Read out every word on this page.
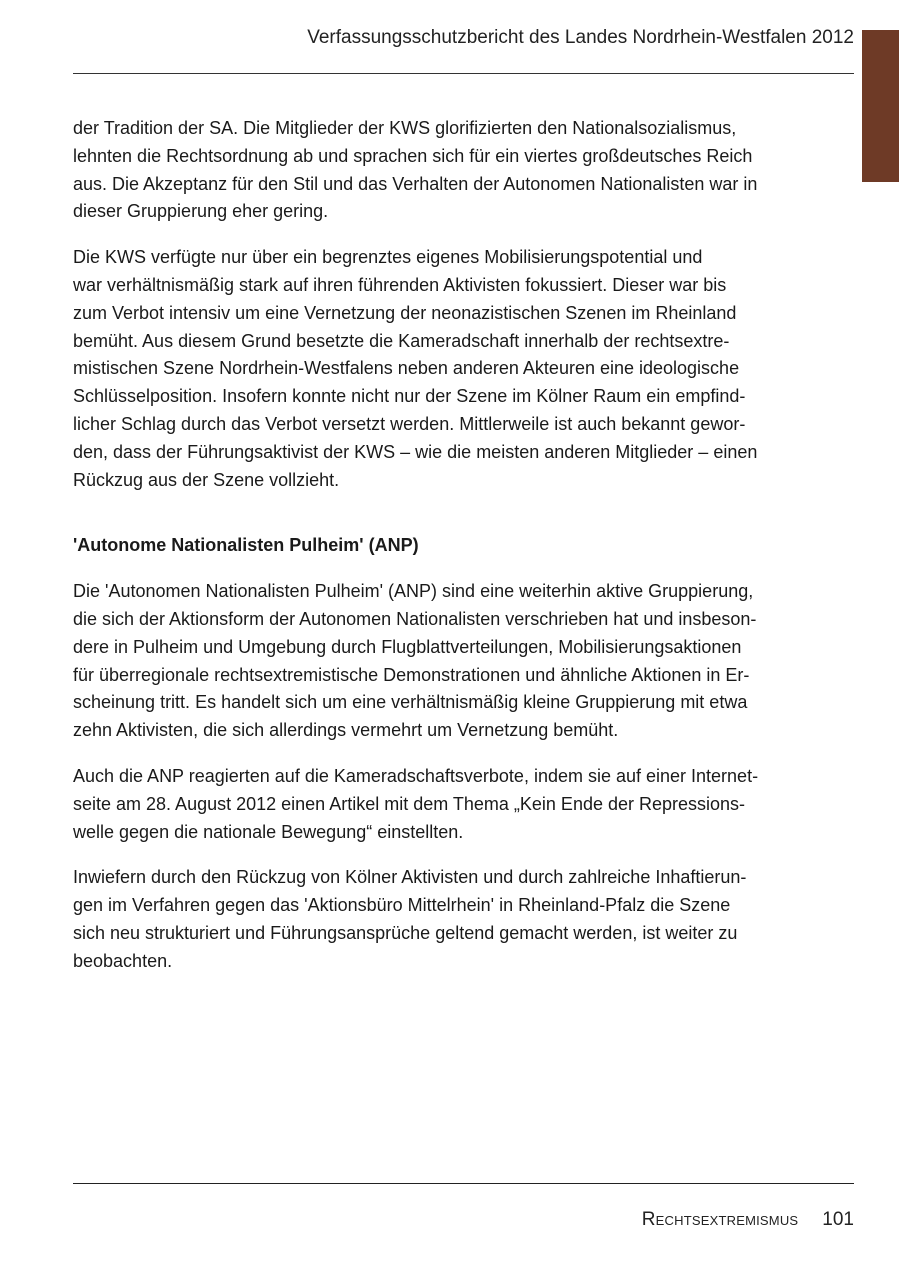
Verfassungsschutzbericht des Landes Nordrhein-Westfalen 2012

der Tradition der SA. Die Mitglieder der KWS glorifizierten den Nationalsozialismus,

lehnten die Rechtsordnung ab und sprachen sich für ein viertes großdeutsches Reich

aus. Die Akzeptanz für den Stil und das Verhalten der Autonomen Nationalisten war in

dieser Gruppierung eher gering.

Die KWS verfügte nur über ein begrenztes eigenes Mobilisierungspotential und

war verhältnismäßig stark auf ihren führenden Aktivisten fokussiert. Dieser war bis

zum Verbot intensiv um eine Vernetzung der neonazistischen Szenen im Rheinland

bemüht. Aus diesem Grund besetzte die Kameradschaft innerhalb der rechtsextre-

mistischen Szene Nordrhein-Westfalens neben anderen Akteuren eine ideologische

Schlüsselposition. Insofern konnte nicht nur der Szene im Kölner Raum ein empfind-

licher Schlag durch das Verbot versetzt werden. Mittlerweile ist auch bekannt gewor-

den, dass der Führungsaktivist der KWS – wie die meisten anderen Mitglieder – einen

Rückzug aus der Szene vollzieht.

'Autonome Nationalisten Pulheim' (ANP)

Die 'Autonomen Nationalisten Pulheim' (ANP) sind eine weiterhin aktive Gruppierung,

die sich der Aktionsform der Autonomen Nationalisten verschrieben hat und insbeson-

dere in Pulheim und Umgebung durch Flugblattverteilungen, Mobilisierungsaktionen

für überregionale rechtsextremistische Demonstrationen und ähnliche Aktionen in Er-

scheinung tritt. Es handelt sich um eine verhältnismäßig kleine Gruppierung mit etwa

zehn Aktivisten, die sich allerdings vermehrt um Vernetzung bemüht.

Auch die ANP reagierten auf die Kameradschaftsverbote, indem sie auf einer Internet-

seite am 28. August 2012 einen Artikel mit dem Thema „Kein Ende der Repressions-

welle gegen die nationale Bewegung“ einstellten.

Inwiefern durch den Rückzug von Kölner Aktivisten und durch zahlreiche Inhaftierun-

gen im Verfahren gegen das 'Aktionsbüro Mittelrhein' in Rheinland-Pfalz die Szene

sich neu strukturiert und Führungsansprüche geltend gemacht werden, ist weiter zu

beobachten.

Rechtsextremismus 101
